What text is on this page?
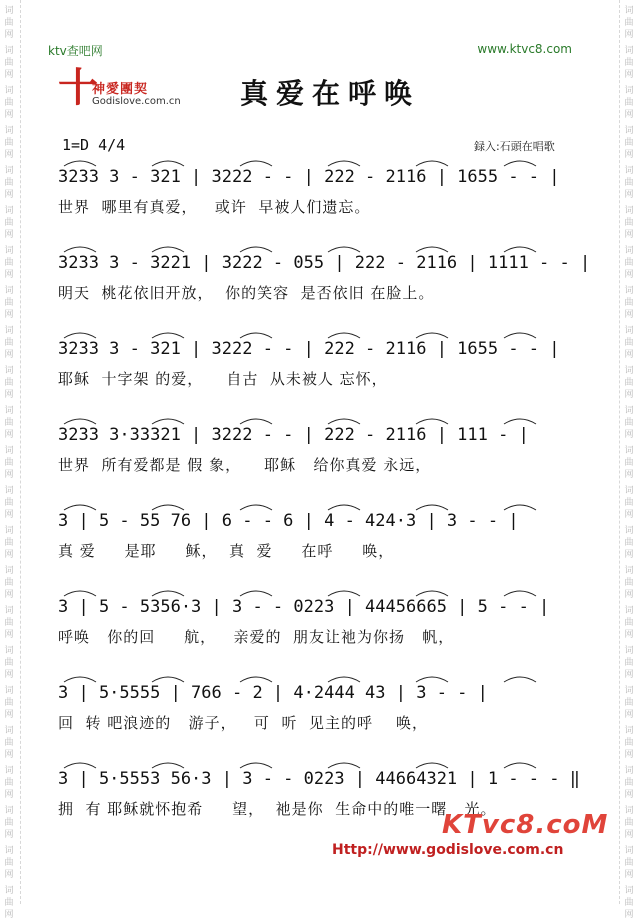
词
曲
网
词
曲
网
词
曲
网
词
曲
网
词
曲
网
词
曲
网
词
曲
网
词
曲
网
词
曲
网
词
曲
网
词
曲
网
词
曲
网
词
曲
网
词
曲
网
词
曲
网
词
曲
网
词
曲
网
词
曲
网
词
曲
网
词
曲
网
词
曲
网
词
曲
网
词
曲
网
词
曲
网
词
曲
网
词
曲
网
词
曲
网
词
曲
网
词
曲
网
词
曲
网
词
曲
网
词
曲
网
词
曲
网
词
曲
网
词
曲
网
词
曲
网
词
曲
网
词
曲
网
词
曲
网
词
曲
网
词
曲
网
词
曲
网
词
曲
网
词
曲
网
词
曲
网
词
曲
网
ktv查吧网	www.ktvc8.com
十
神愛團契
Godislove.com.cn 真爱在呼唤
1=D 4/4	録入:石頭在唱歌
3233 3 - 321 | 3222 - - | 222 - 2116 | 1655 - - |
世界  哪里有真爱，   或许  早被人们遗忘。
3233 3 - 3221 | 3222 - 055 | 222 - 2116 | 1111 - - |
明天  桃花依旧开放，  你的笑容  是否依旧 在脸上。
3233 3 - 321 | 3222 - - | 222 - 2116 | 1655 - - |
耶稣  十字架 的爱，    自古  从未被人 忘怀，
3233 3·33321 | 3222 - - | 222 - 2116 | 111 - |
世界  所有爱都是 假 象，    耶稣   给你真爱 永远，
3 | 5 - 55 76 | 6 - - 6 | 4 - 424·3 | 3 - - |
真 爱     是耶     稣，  真  爱     在呼     唤，
3 | 5 - 5356·3 | 3 - - 0223 | 44456665 | 5 - - |
呼唤   你的回     航，   亲爱的  朋友让祂为你扬   帆，
3 | 5·5555 | 766 - 2 | 4·2444 43 | 3 - - |
回  转 吧浪迹的   游子，   可  听  见主的呼    唤，
3 | 5·5553 56·3 | 3 - - 0223 | 44664321 | 1 - - - ‖
拥  有 耶稣就怀抱希     望，  祂是你  生命中的唯一曙   光。
KTvc8.coM
Http://www.godislove.com.cn
